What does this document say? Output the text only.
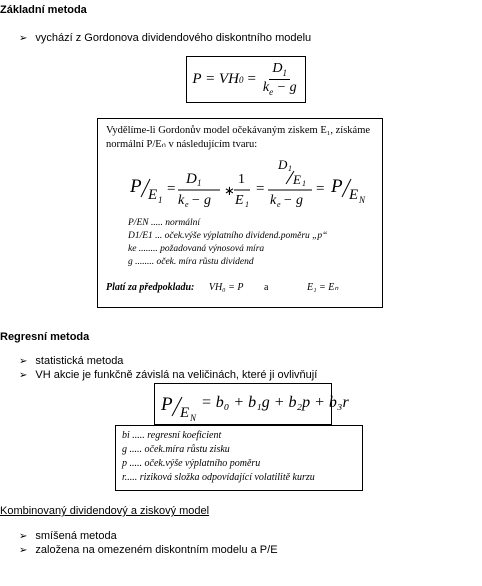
Základní metoda
➢ vychází z Gordonova dividendového diskontního modelu
P = VH $0 = \frac{D_1}{k_e - g}$
Vydělíme-li Gordonův model očekávaným ziskem E₁, získáme normální P/Eₙ v následujícím tvaru:
P E 1
=
D 1
k e − g
∗
1
E 1
=
D 1
E 1
k e − g
= P E N
P/EN ..... normální
D1/E1 ... oček.výše výplatního dividend.poměru „p“
ke ........ požadovaná výnosová míra
g ........ oček. míra růstu dividend
Platí za předpokladu: VH₀ = P a	E₁ = Eₙ
Regresní metoda
➢ statistická metoda
➢ VH akcie je funkčně závislá na veličinách, které ji ovlivňují
P E N
= b₀ + b₁g + b₂p + b₃r
bi ..... regresní koeficient
g ..... oček.míra růstu zisku
p ..... oček.výše výplatního poměru
r..... riziková složka odpovídající volatilitě kurzu
Kombinovaný dividendový a ziskový model
➢ smíšená metoda
➢ založena na omezeném diskontním modelu a P/E
